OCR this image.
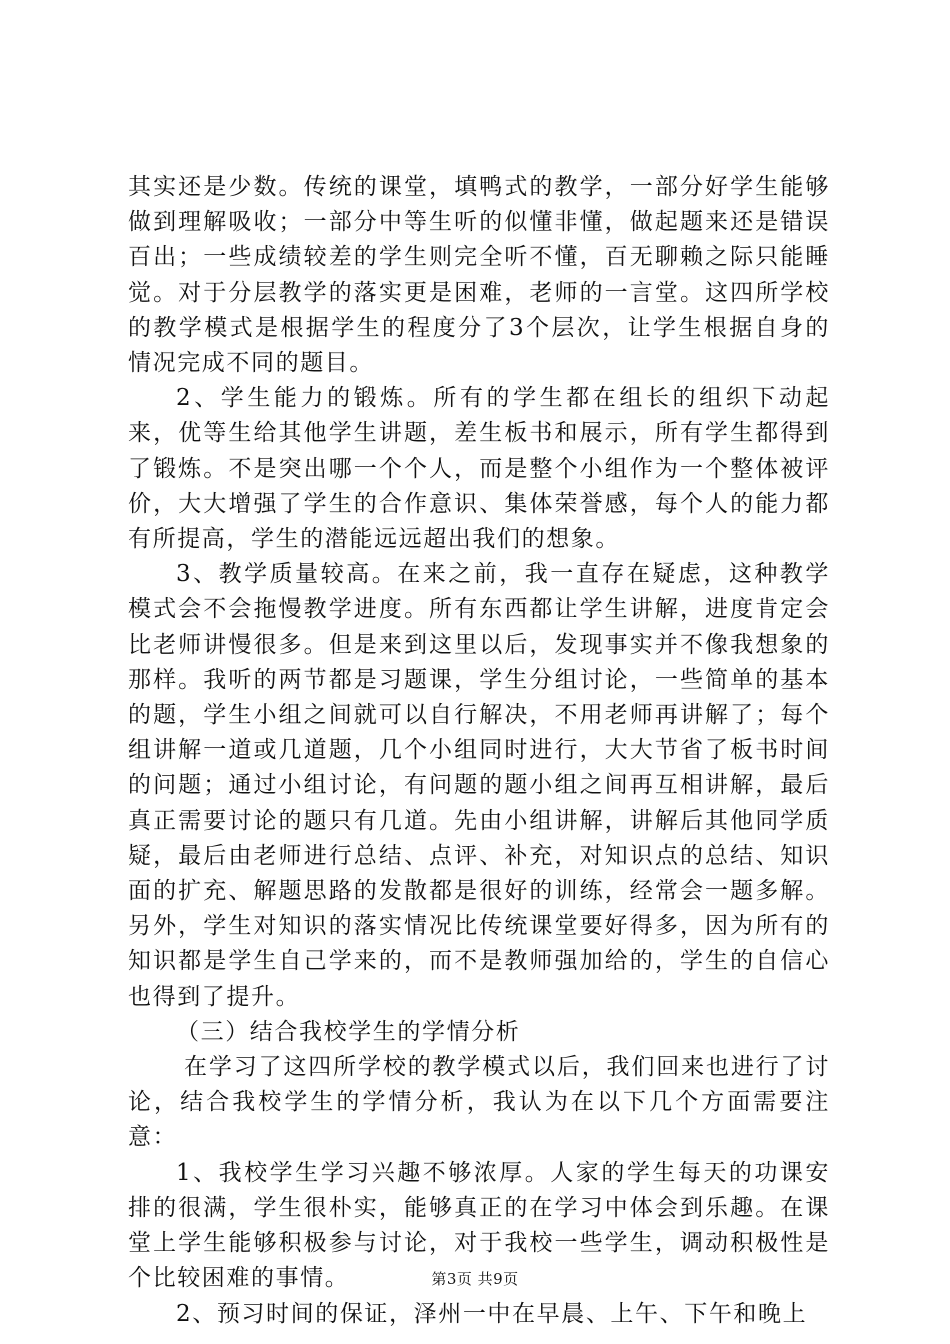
其实还是少数。传统的课堂，填鸭式的教学，一部分好学生能够做到理解吸收；一部分中等生听的似懂非懂，做起题来还是错误百出；一些成绩较差的学生则完全听不懂，百无聊赖之际只能睡觉。对于分层教学的落实更是困难，老师的一言堂。这四所学校的教学模式是根据学生的程度分了3个层次，让学生根据自身的情况完成不同的题目。

2、学生能力的锻炼。所有的学生都在组长的组织下动起来，优等生给其他学生讲题，差生板书和展示，所有学生都得到了锻炼。不是突出哪一个个人，而是整个小组作为一个整体被评价，大大增强了学生的合作意识、集体荣誉感，每个人的能力都有所提高，学生的潜能远远超出我们的想象。

3、教学质量较高。在来之前，我一直存在疑虑，这种教学模式会不会拖慢教学进度。所有东西都让学生讲解，进度肯定会比老师讲慢很多。但是来到这里以后，发现事实并不像我想象的那样。我听的两节都是习题课，学生分组讨论，一些简单的基本的题，学生小组之间就可以自行解决，不用老师再讲解了；每个组讲解一道或几道题，几个小组同时进行，大大节省了板书时间的问题；通过小组讨论，有问题的题小组之间再互相讲解，最后真正需要讨论的题只有几道。先由小组讲解，讲解后其他同学质疑，最后由老师进行总结、点评、补充，对知识点的总结、知识面的扩充、解题思路的发散都是很好的训练，经常会一题多解。另外，学生对知识的落实情况比传统课堂要好得多，因为所有的知识都是学生自己学来的，而不是教师强加给的，学生的自信心也得到了提升。

（三）结合我校学生的学情分析

在学习了这四所学校的教学模式以后，我们回来也进行了讨论，结合我校学生的学情分析，我认为在以下几个方面需要注意：

1、我校学生学习兴趣不够浓厚。人家的学生每天的功课安排的很满，学生很朴实，能够真正的在学习中体会到乐趣。在课堂上学生能够积极参与讨论，对于我校一些学生，调动积极性是个比较困难的事情。

2、预习时间的保证，泽州一中在早晨、上午、下午和晚上

第3页 共9页
